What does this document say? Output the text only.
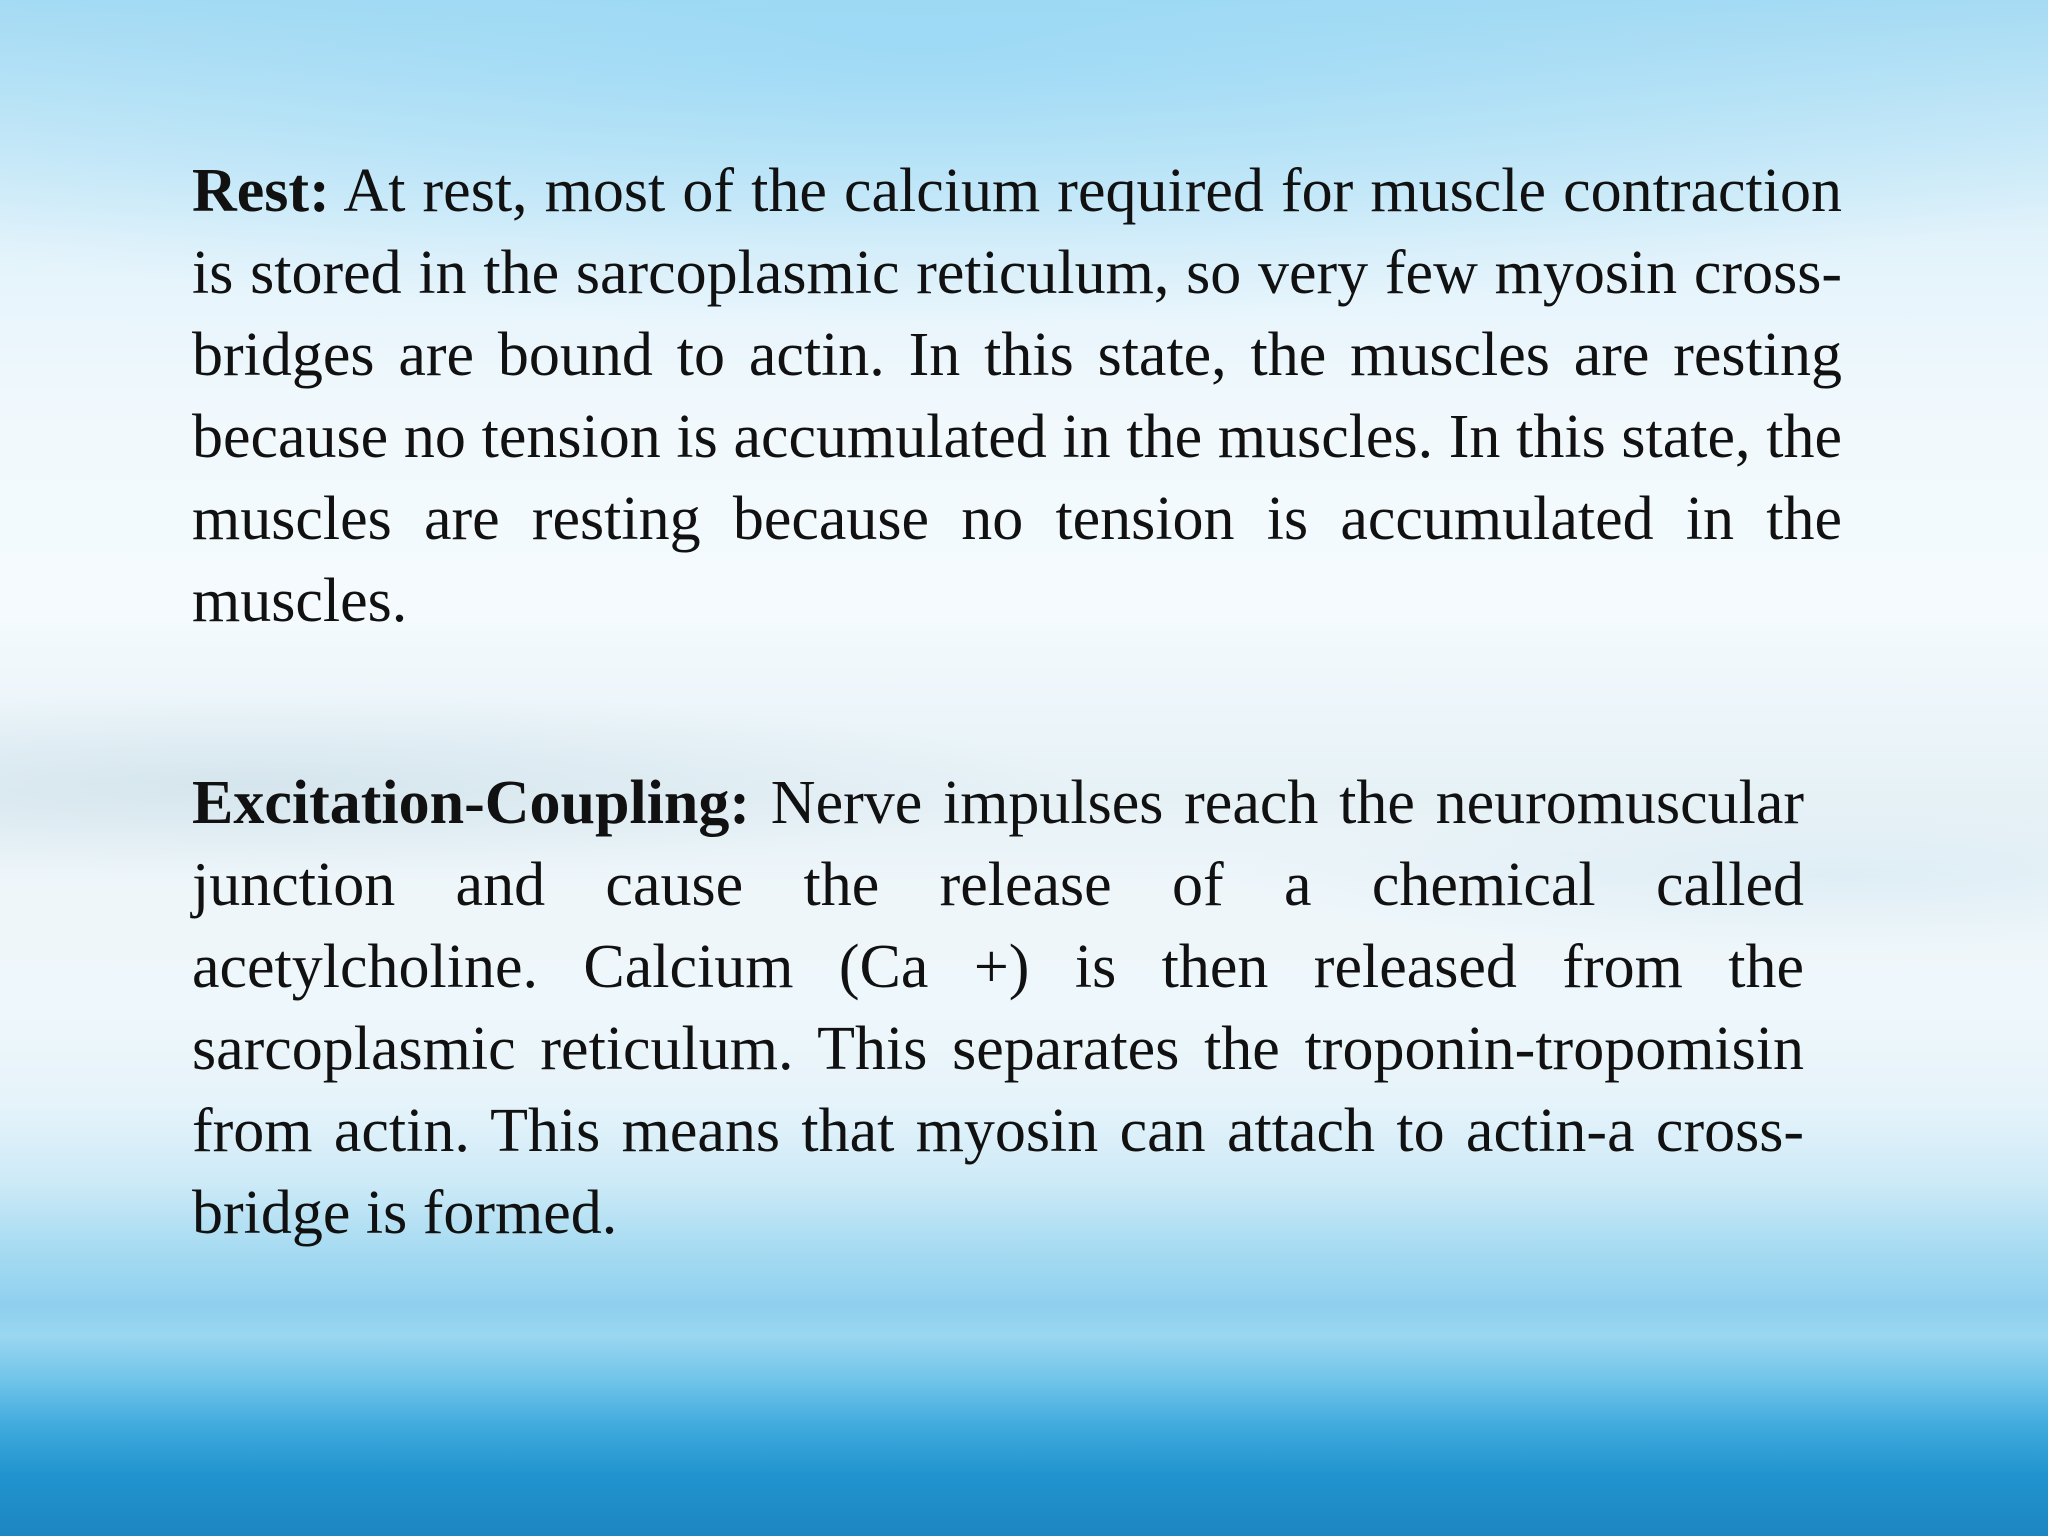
Rest: At rest, most of the calcium required for muscle contraction is stored in the sarcoplasmic reticulum, so very few myosin cross-bridges are bound to actin. In this state, the muscles are resting because no tension is accumulated in the muscles. In this state, the muscles are resting because no tension is accumulated in the muscles.

Excitation-Coupling: Nerve impulses reach the neuromuscular junction and cause the release of a chemical called acetylcholine. Calcium (Ca +) is then released from the sarcoplasmic reticulum. This separates the troponin-tropomisin from actin. This means that myosin can attach to actin-a cross-bridge is formed.
